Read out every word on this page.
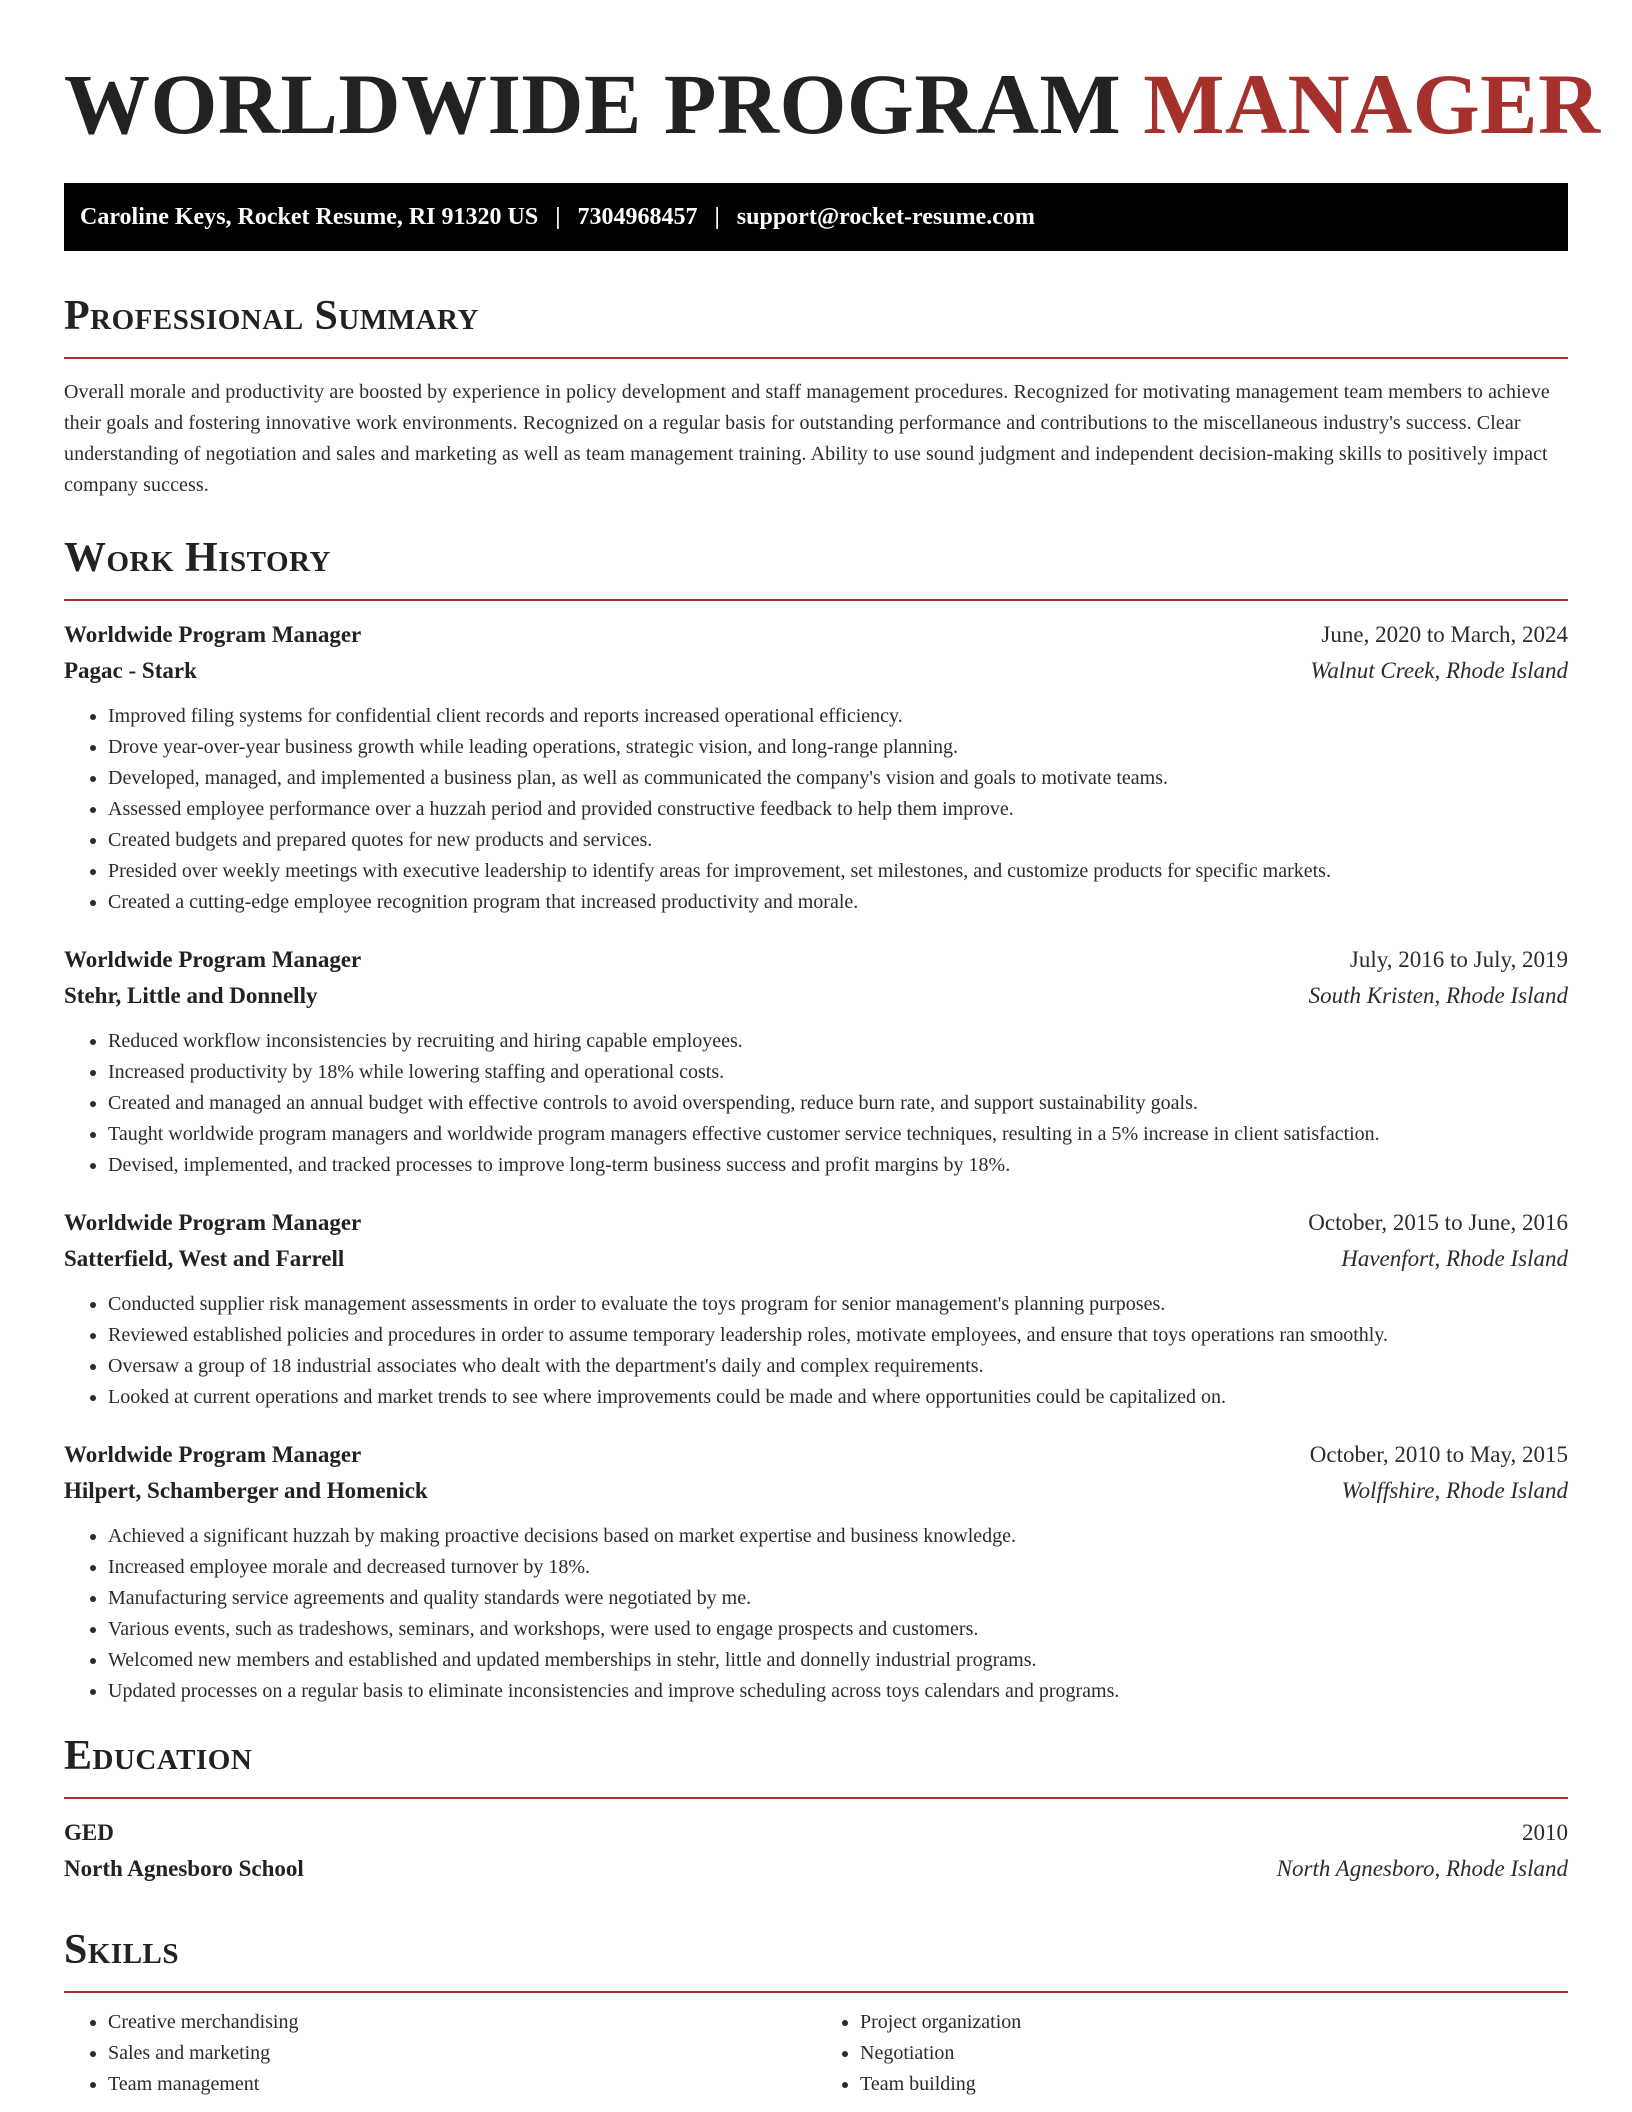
WORLDWIDE PROGRAM MANAGER
Caroline Keys, Rocket Resume, RI 91320 US | 7304968457 | support@rocket-resume.com
Professional Summary

Overall morale and productivity are boosted by experience in policy development and staff management procedures. Recognized for motivating management team members to achieve their goals and fostering innovative work environments. Recognized on a regular basis for outstanding performance and contributions to the miscellaneous industry's success. Clear understanding of negotiation and sales and marketing as well as team management training. Ability to use sound judgment and independent decision-making skills to positively impact company success.

Work History
Worldwide Program Manager	June, 2020 to March, 2024
Pagac - Stark	Walnut Creek, Rhode Island
• Improved filing systems for confidential client records and reports increased operational efficiency.
• Drove year-over-year business growth while leading operations, strategic vision, and long-range planning.
• Developed, managed, and implemented a business plan, as well as communicated the company's vision and goals to motivate teams.
• Assessed employee performance over a huzzah period and provided constructive feedback to help them improve.
• Created budgets and prepared quotes for new products and services.
• Presided over weekly meetings with executive leadership to identify areas for improvement, set milestones, and customize products for specific markets.
• Created a cutting-edge employee recognition program that increased productivity and morale.
Worldwide Program Manager	July, 2016 to July, 2019
Stehr, Little and Donnelly	South Kristen, Rhode Island
• Reduced workflow inconsistencies by recruiting and hiring capable employees.
• Increased productivity by 18% while lowering staffing and operational costs.
• Created and managed an annual budget with effective controls to avoid overspending, reduce burn rate, and support sustainability goals.
• Taught worldwide program managers and worldwide program managers effective customer service techniques, resulting in a 5% increase in client satisfaction.
• Devised, implemented, and tracked processes to improve long-term business success and profit margins by 18%.
Worldwide Program Manager	October, 2015 to June, 2016
Satterfield, West and Farrell	Havenfort, Rhode Island
• Conducted supplier risk management assessments in order to evaluate the toys program for senior management's planning purposes.
• Reviewed established policies and procedures in order to assume temporary leadership roles, motivate employees, and ensure that toys operations ran smoothly.
• Oversaw a group of 18 industrial associates who dealt with the department's daily and complex requirements.
• Looked at current operations and market trends to see where improvements could be made and where opportunities could be capitalized on.
Worldwide Program Manager	October, 2010 to May, 2015
Hilpert, Schamberger and Homenick	Wolffshire, Rhode Island
• Achieved a significant huzzah by making proactive decisions based on market expertise and business knowledge.
• Increased employee morale and decreased turnover by 18%.
• Manufacturing service agreements and quality standards were negotiated by me.
• Various events, such as tradeshows, seminars, and workshops, were used to engage prospects and customers.
• Welcomed new members and established and updated memberships in stehr, little and donnelly industrial programs.
• Updated processes on a regular basis to eliminate inconsistencies and improve scheduling across toys calendars and programs.
Education
GED	2010
North Agnesboro School	North Agnesboro, Rhode Island
Skills
• Creative merchandising
• Sales and marketing
• Team management
• Project organization
• Negotiation
• Team building
